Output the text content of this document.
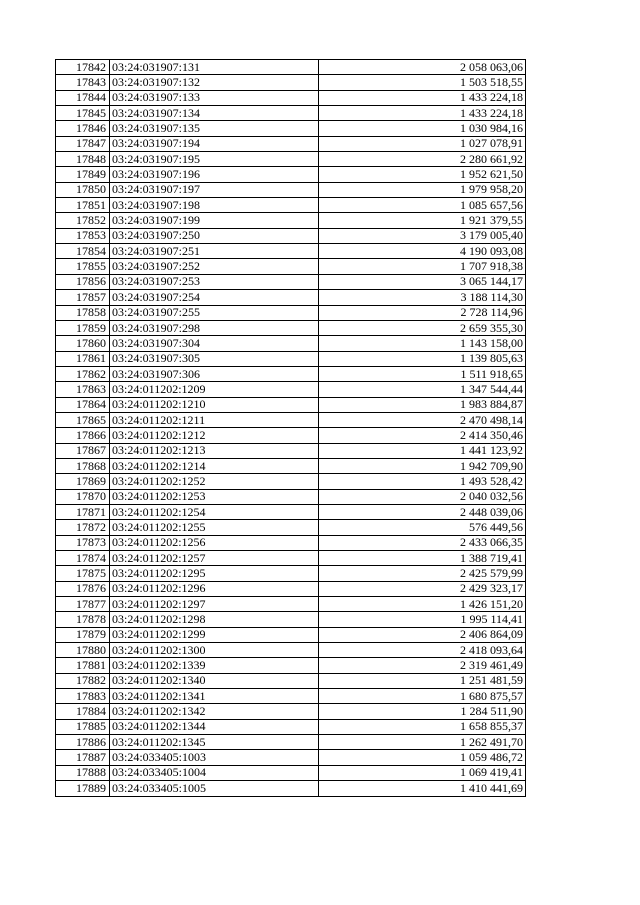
17842	03:24:031907:131	2 058 063,06
17843	03:24:031907:132	1 503 518,55
17844	03:24:031907:133	1 433 224,18
17845	03:24:031907:134	1 433 224,18
17846	03:24:031907:135	1 030 984,16
17847	03:24:031907:194	1 027 078,91
17848	03:24:031907:195	2 280 661,92
17849	03:24:031907:196	1 952 621,50
17850	03:24:031907:197	1 979 958,20
17851	03:24:031907:198	1 085 657,56
17852	03:24:031907:199	1 921 379,55
17853	03:24:031907:250	3 179 005,40
17854	03:24:031907:251	4 190 093,08
17855	03:24:031907:252	1 707 918,38
17856	03:24:031907:253	3 065 144,17
17857	03:24:031907:254	3 188 114,30
17858	03:24:031907:255	2 728 114,96
17859	03:24:031907:298	2 659 355,30
17860	03:24:031907:304	1 143 158,00
17861	03:24:031907:305	1 139 805,63
17862	03:24:031907:306	1 511 918,65
17863	03:24:011202:1209	1 347 544,44
17864	03:24:011202:1210	1 983 884,87
17865	03:24:011202:1211	2 470 498,14
17866	03:24:011202:1212	2 414 350,46
17867	03:24:011202:1213	1 441 123,92
17868	03:24:011202:1214	1 942 709,90
17869	03:24:011202:1252	1 493 528,42
17870	03:24:011202:1253	2 040 032,56
17871	03:24:011202:1254	2 448 039,06
17872	03:24:011202:1255	576 449,56
17873	03:24:011202:1256	2 433 066,35
17874	03:24:011202:1257	1 388 719,41
17875	03:24:011202:1295	2 425 579,99
17876	03:24:011202:1296	2 429 323,17
17877	03:24:011202:1297	1 426 151,20
17878	03:24:011202:1298	1 995 114,41
17879	03:24:011202:1299	2 406 864,09
17880	03:24:011202:1300	2 418 093,64
17881	03:24:011202:1339	2 319 461,49
17882	03:24:011202:1340	1 251 481,59
17883	03:24:011202:1341	1 680 875,57
17884	03:24:011202:1342	1 284 511,90
17885	03:24:011202:1344	1 658 855,37
17886	03:24:011202:1345	1 262 491,70
17887	03:24:033405:1003	1 059 486,72
17888	03:24:033405:1004	1 069 419,41
17889	03:24:033405:1005	1 410 441,69
